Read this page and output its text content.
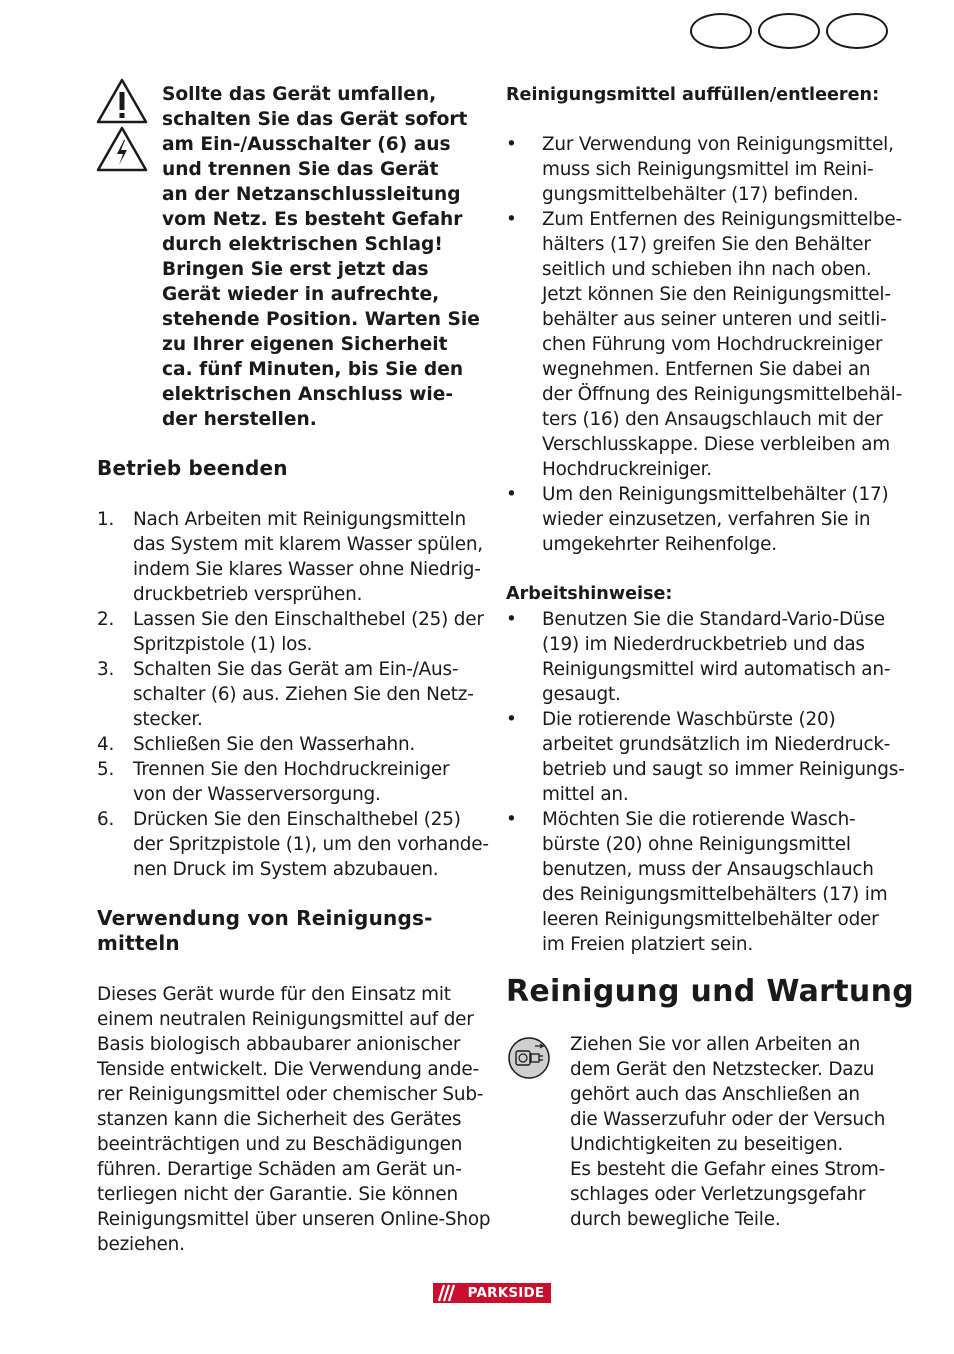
Sollte das Gerät umfallen,
schalten Sie das Gerät sofort
am Ein-/Ausschalter (6) aus
und trennen Sie das Gerät
an der Netzanschlussleitung
vom Netz. Es besteht Gefahr
durch elektrischen Schlag!
Bringen Sie erst jetzt das
Gerät wieder in aufrechte,
stehende Position. Warten Sie
zu Ihrer eigenen Sicherheit
ca. fünf Minuten, bis Sie den
elektrischen Anschluss wie-
der herstellen.
Betrieb beenden
1. Nach Arbeiten mit Reinigungsmitteln
das System mit klarem Wasser spülen,
indem Sie klares Wasser ohne Niedrig-
druckbetrieb versprühen.
2. Lassen Sie den Einschalthebel (25) der
Spritzpistole (1) los.
3. Schalten Sie das Gerät am Ein-/Aus-
schalter (6) aus. Ziehen Sie den Netz-
stecker.
4. Schließen Sie den Wasserhahn.
5. Trennen Sie den Hochdruckreiniger
von der Wasserversorgung.
6. Drücken Sie den Einschalthebel (25)
der Spritzpistole (1), um den vorhande-
nen Druck im System abzubauen.
Verwendung von Reinigungs-
mitteln
Dieses Gerät wurde für den Einsatz mit
einem neutralen Reinigungsmittel auf der
Basis biologisch abbaubarer anionischer
Tenside entwickelt. Die Verwendung ande-
rer Reinigungsmittel oder chemischer Sub-
stanzen kann die Sicherheit des Gerätes
beeinträchtigen und zu Beschädigungen
führen. Derartige Schäden am Gerät un-
terliegen nicht der Garantie. Sie können
Reinigungsmittel über unseren Online-Shop
beziehen.
Reinigungsmittel auffüllen/entleeren:
• Zur Verwendung von Reinigungsmittel,
muss sich Reinigungsmittel im Reini-
gungsmittelbehälter (17) befinden.
• Zum Entfernen des Reinigungsmittelbe-
hälters (17) greifen Sie den Behälter
seitlich und schieben ihn nach oben.
Jetzt können Sie den Reinigungsmittel-
behälter aus seiner unteren und seitli-
chen Führung vom Hochdruckreiniger
wegnehmen. Entfernen Sie dabei an
der Öffnung des Reinigungsmittelbehäl-
ters (16) den Ansaugschlauch mit der
Verschlusskappe. Diese verbleiben am
Hochdruckreiniger.
• Um den Reinigungsmittelbehälter (17)
wieder einzusetzen, verfahren Sie in
umgekehrter Reihenfolge.
Arbeitshinweise:
• Benutzen Sie die Standard-Vario-Düse
(19) im Niederdruckbetrieb und das
Reinigungsmittel wird automatisch an-
gesaugt.
• Die rotierende Waschbürste (20)
arbeitet grundsätzlich im Niederdruck-
betrieb und saugt so immer Reinigungs-
mittel an.
• Möchten Sie die rotierende Wasch-
bürste (20) ohne Reinigungsmittel
benutzen, muss der Ansaugschlauch
des Reinigungsmittelbehälters (17) im
leeren Reinigungsmittelbehälter oder
im Freien platziert sein.
Reinigung und Wartung
Ziehen Sie vor allen Arbeiten an
dem Gerät den Netzstecker. Dazu
gehört auch das Anschließen an
die Wasserzufuhr oder der Versuch
Undichtigkeiten zu beseitigen.
Es besteht die Gefahr eines Strom-
schlages oder Verletzungsgefahr
durch bewegliche Teile.
PARKSIDE
